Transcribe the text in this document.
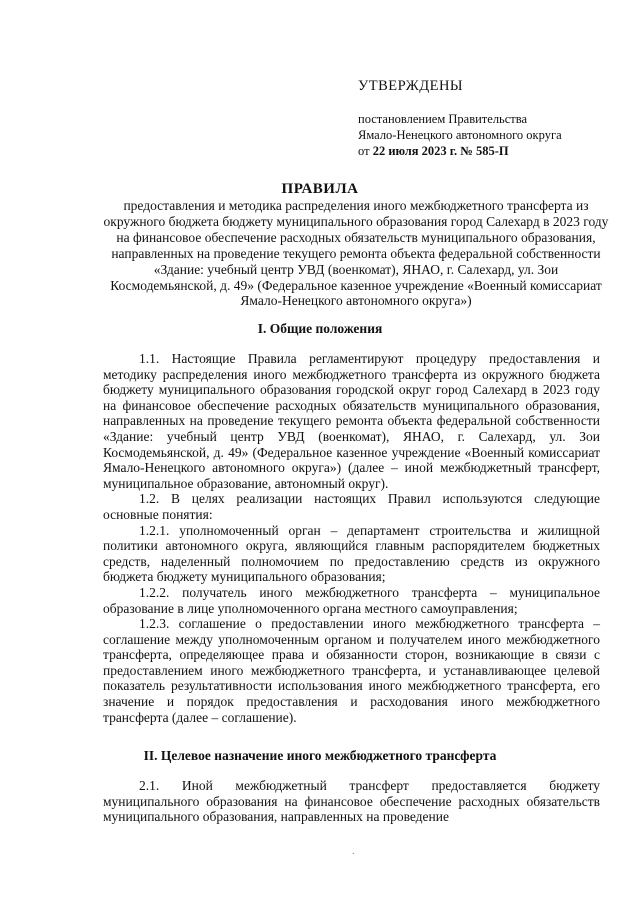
УТВЕРЖДЕНЫ
постановлением Правительства
Ямало-Ненецкого автономного округа
от 22 июля 2023 г. № 585-П
ПРАВИЛА
предоставления и методика распределения иного межбюджетного трансферта из окружного бюджета бюджету муниципального образования город Салехард в 2023 году на финансовое обеспечение расходных обязательств муниципального образования, направленных на проведение текущего ремонта объекта федеральной собственности «Здание: учебный центр УВД (военкомат), ЯНАО, г. Салехард, ул. Зои Космодемьянской, д. 49» (Федеральное казенное учреждение «Военный комиссариат Ямало-Ненецкого автономного округа»)
I. Общие положения

1.1. Настоящие Правила регламентируют процедуру предоставления и методику распределения иного межбюджетного трансферта из окружного бюджета бюджету муниципального образования городской округ город Салехард в 2023 году на финансовое обеспечение расходных обязательств муниципального образования, направленных на проведение текущего ремонта объекта федеральной собственности «Здание: учебный центр УВД (военкомат), ЯНАО, г. Салехард, ул. Зои Космодемьянской, д. 49» (Федеральное казенное учреждение «Военный комиссариат Ямало-Ненецкого автономного округа») (далее – иной межбюджетный трансферт, муниципальное образование, автономный округ).

1.2. В целях реализации настоящих Правил используются следующие основные понятия:

1.2.1. уполномоченный орган – департамент строительства и жилищной политики автономного округа, являющийся главным распорядителем бюджетных средств, наделенный полномочием по предоставлению средств из окружного бюджета бюджету муниципального образования;

1.2.2. получатель иного межбюджетного трансферта – муниципальное образование в лице уполномоченного органа местного самоуправления;

1.2.3. соглашение о предоставлении иного межбюджетного трансферта – соглашение между уполномоченным органом и получателем иного межбюджетного трансферта, определяющее права и обязанности сторон, возникающие в связи с предоставлением иного межбюджетного трансферта, и устанавливающее целевой показатель результативности использования иного межбюджетного трансферта, его значение и порядок предоставления и расходования иного межбюджетного трансферта (далее – соглашение).

II. Целевое назначение иного межбюджетного трансферта

2.1. Иной межбюджетный трансферт предоставляется бюджету муниципального образования на финансовое обеспечение расходных обязательств муниципального образования, направленных на проведение

.
